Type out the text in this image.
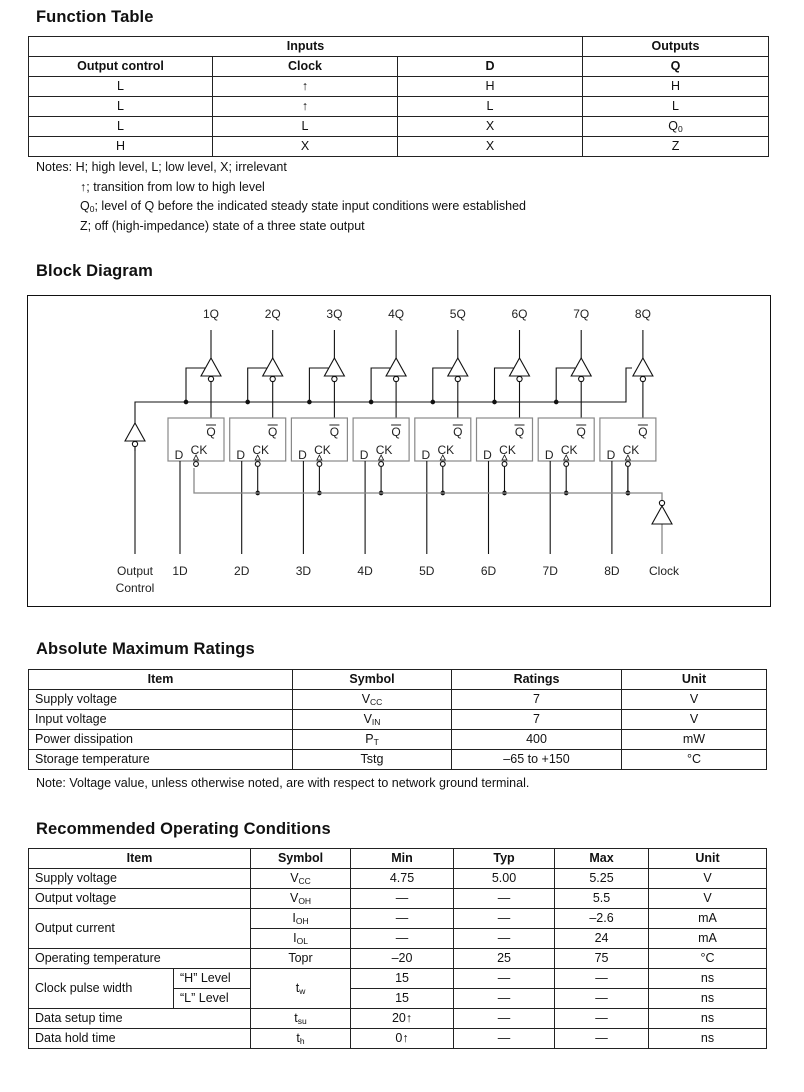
Function Table
Inputs			Outputs
Output control	Clock	D	Q
L	↑	H	H
L	↑	L	L
L	L	X	$Q_0$
H	X	X	Z
Notes: H; high level, L; low level, X; irrelevant
↑; transition from low to high level
$Q_0$; level of Q before the indicated steady state input conditions were established
Z; off (high-impedance) state of a three state output
Block Diagram
1Q
Q
D CK
1D
2Q
Q
D CK
2D
3Q
Q
D CK
3D
4Q
Q
D CK
4D
5Q
Q
D CK
5D
6Q
Q
D CK
6D
7Q
Q
D CK
7D
8Q
Q
D CK
8D
Output
Control
Clock
Absolute Maximum Ratings
Item	Symbol	Ratings	Unit
Supply voltage	$V_{CC}$	7	V
Input voltage	$V_{IN}$	7	V
Power dissipation	$P_T$	400	mW
Storage temperature	Tstg	–65 to +150	°C
Note: Voltage value, unless otherwise noted, are with respect to network ground terminal.
Recommended Operating Conditions
Item		Symbol	Min	Typ	Max	Unit
Supply voltage		$V_{CC}$	4.75	5.00	5.25	V
Output voltage		$V_{OH}$	—	—	5.5	V
Output current		$I_{OH}$	—	—	–2.6	mA
		$I_{OL}$	—	—	24	mA
Operating temperature		Topr	–20	25	75	°C
Clock pulse width	“H” Level	$t_w$	15	—	—	ns
	“L” Level		15	—	—	ns
Data setup time		$t_{su}$	20↑	—	—	ns
Data hold time		$t_h$	0↑	—	—	ns
